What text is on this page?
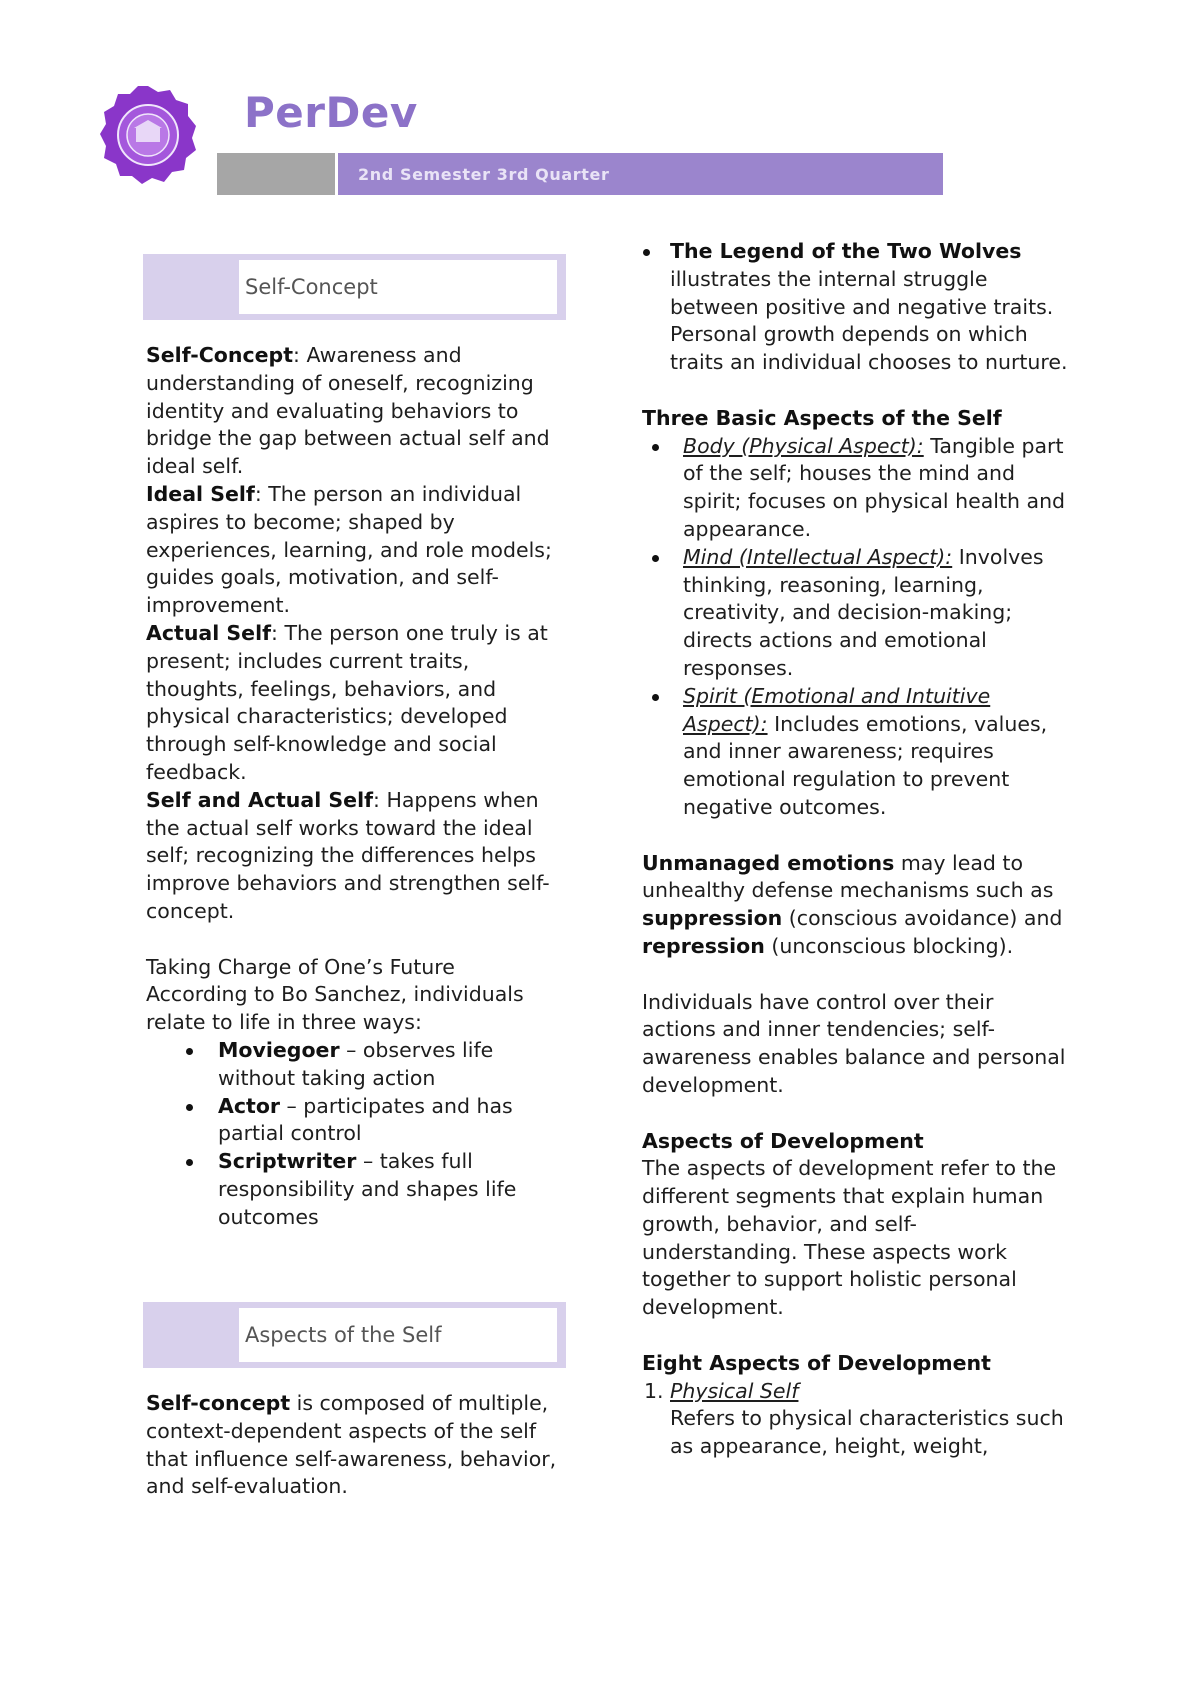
PerDev
2nd Semester 3rd Quarter
Self-Concept

Self-Concept: Awareness and understanding of oneself, recognizing identity and evaluating behaviors to bridge the gap between actual self and ideal self.

Ideal Self: The person an individual aspires to become; shaped by experiences, learning, and role models; guides goals, motivation, and self-improvement.

Actual Self: The person one truly is at present; includes current traits, thoughts, feelings, behaviors, and physical characteristics; developed through self-knowledge and social feedback.

Self and Actual Self: Happens when the actual self works toward the ideal self; recognizing the differences helps improve behaviors and strengthen self-concept.

Taking Charge of One’s Future

According to Bo Sanchez, individuals relate to life in three ways:

Moviegoer – observes life without taking action
Actor – participates and has partial control
Scriptwriter – takes full responsibility and shapes life outcomes
Aspects of the Self

Self-concept is composed of multiple, context-dependent aspects of the self that influence self-awareness, behavior, and self-evaluation.

The Legend of the Two Wolves illustrates the internal struggle between positive and negative traits. Personal growth depends on which traits an individual chooses to nurture.

Three Basic Aspects of the Self

Body (Physical Aspect): Tangible part of the self; houses the mind and spirit; focuses on physical health and appearance.
Mind (Intellectual Aspect): Involves thinking, reasoning, learning, creativity, and decision-making; directs actions and emotional responses.
Spirit (Emotional and Intuitive Aspect): Includes emotions, values, and inner awareness; requires emotional regulation to prevent negative outcomes.

Unmanaged emotions may lead to unhealthy defense mechanisms such as suppression (conscious avoidance) and repression (unconscious blocking).

Individuals have control over their actions and inner tendencies; self-awareness enables balance and personal development.

Aspects of Development

The aspects of development refer to the different segments that explain human growth, behavior, and self-understanding. These aspects work together to support holistic personal development.

Eight Aspects of Development

1. Physical Self
Refers to physical characteristics such as appearance, height, weight,
